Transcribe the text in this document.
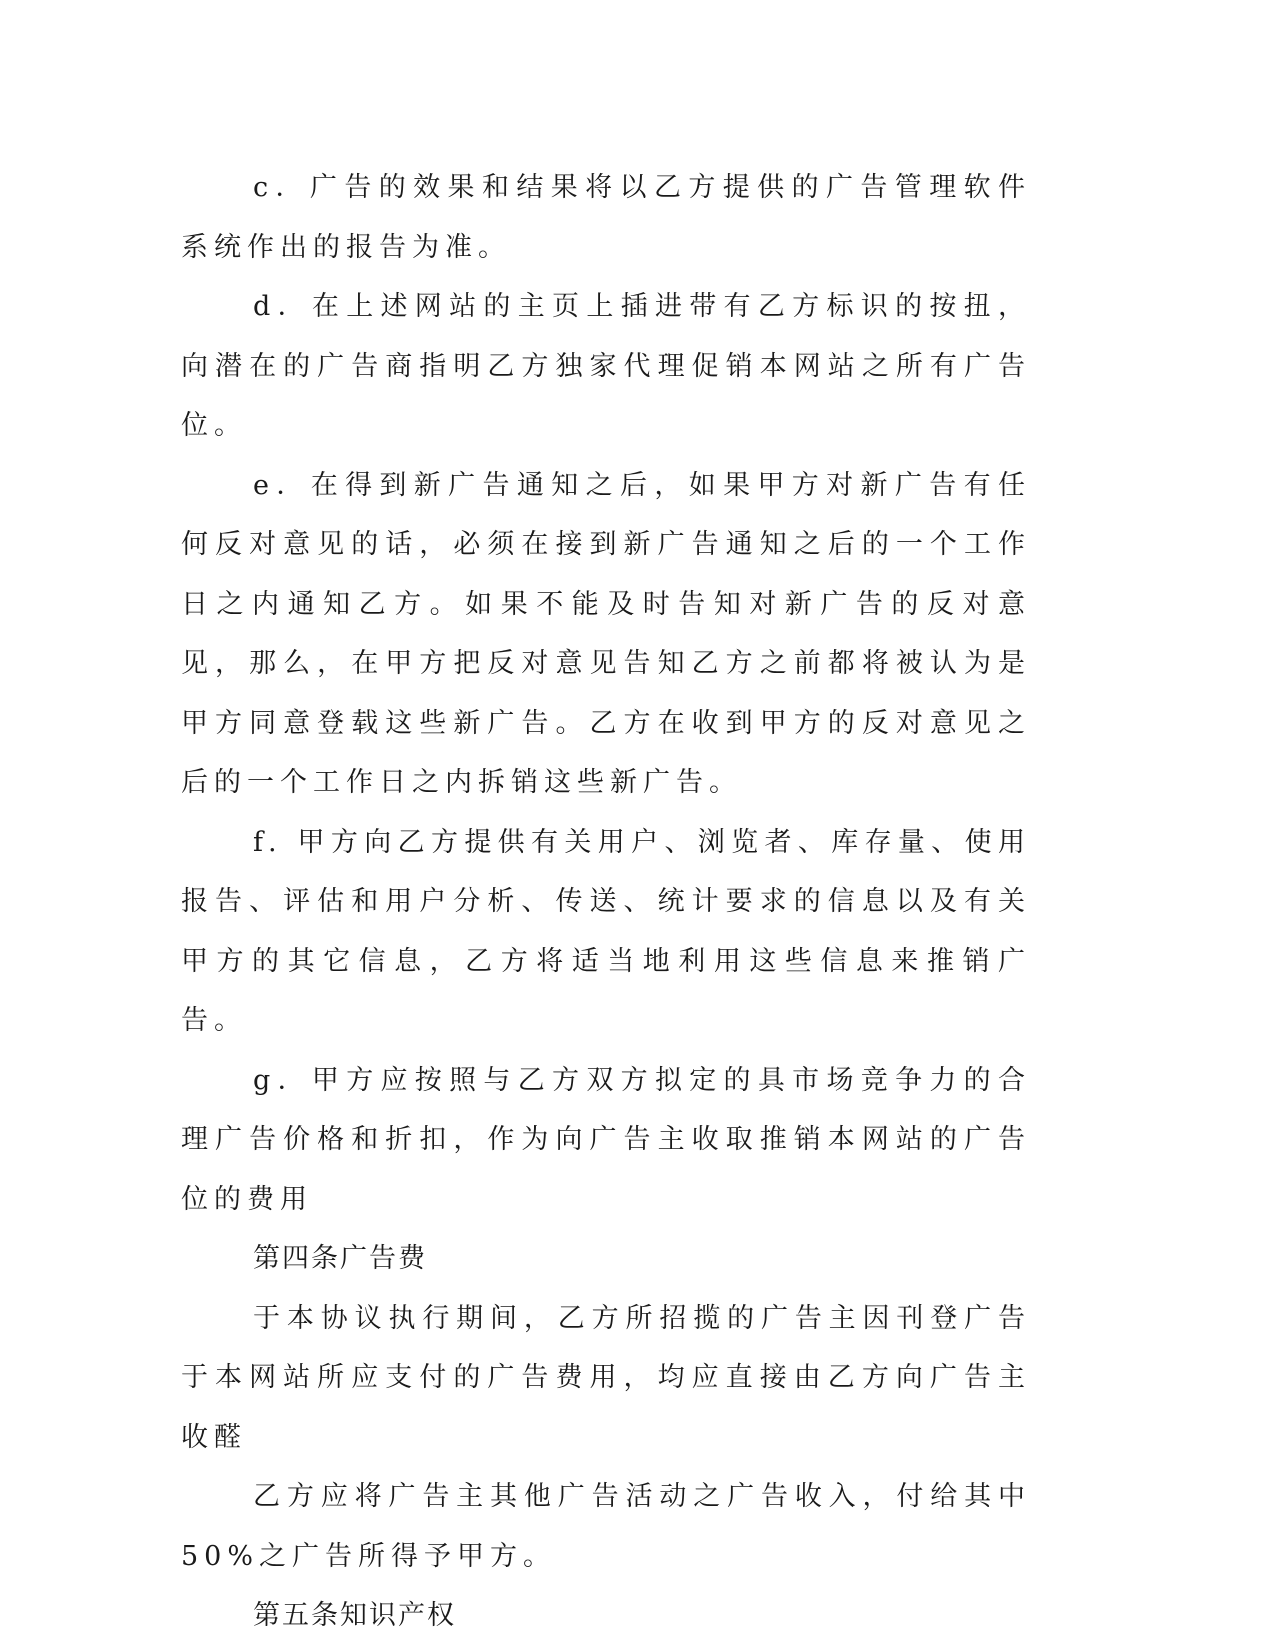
c．广告的效果和结果将以乙方提供的广告管理软件系统作出的报告为准。

d．在上述网站的主页上插进带有乙方标识的按扭，向潜在的广告商指明乙方独家代理促销本网站之所有广告位。

e．在得到新广告通知之后，如果甲方对新广告有任何反对意见的话，必须在接到新广告通知之后的一个工作日之内通知乙方。如果不能及时告知对新广告的反对意见，那么，在甲方把反对意见告知乙方之前都将被认为是甲方同意登载这些新广告。乙方在收到甲方的反对意见之后的一个工作日之内拆销这些新广告。

f. 甲方向乙方提供有关用户、浏览者、库存量、使用报告、评估和用户分析、传送、统计要求的信息以及有关甲方的其它信息，乙方将适当地利用这些信息来推销广告。

g．甲方应按照与乙方双方拟定的具市场竞争力的合理广告价格和折扣，作为向广告主收取推销本网站的广告位的费用

第四条广告费

于本协议执行期间，乙方所招揽的广告主因刊登广告于本网站所应支付的广告费用，均应直接由乙方向广告主收醛

乙方应将广告主其他广告活动之广告收入，付给其中 50%之广告所得予甲方。

第五条知识产权
